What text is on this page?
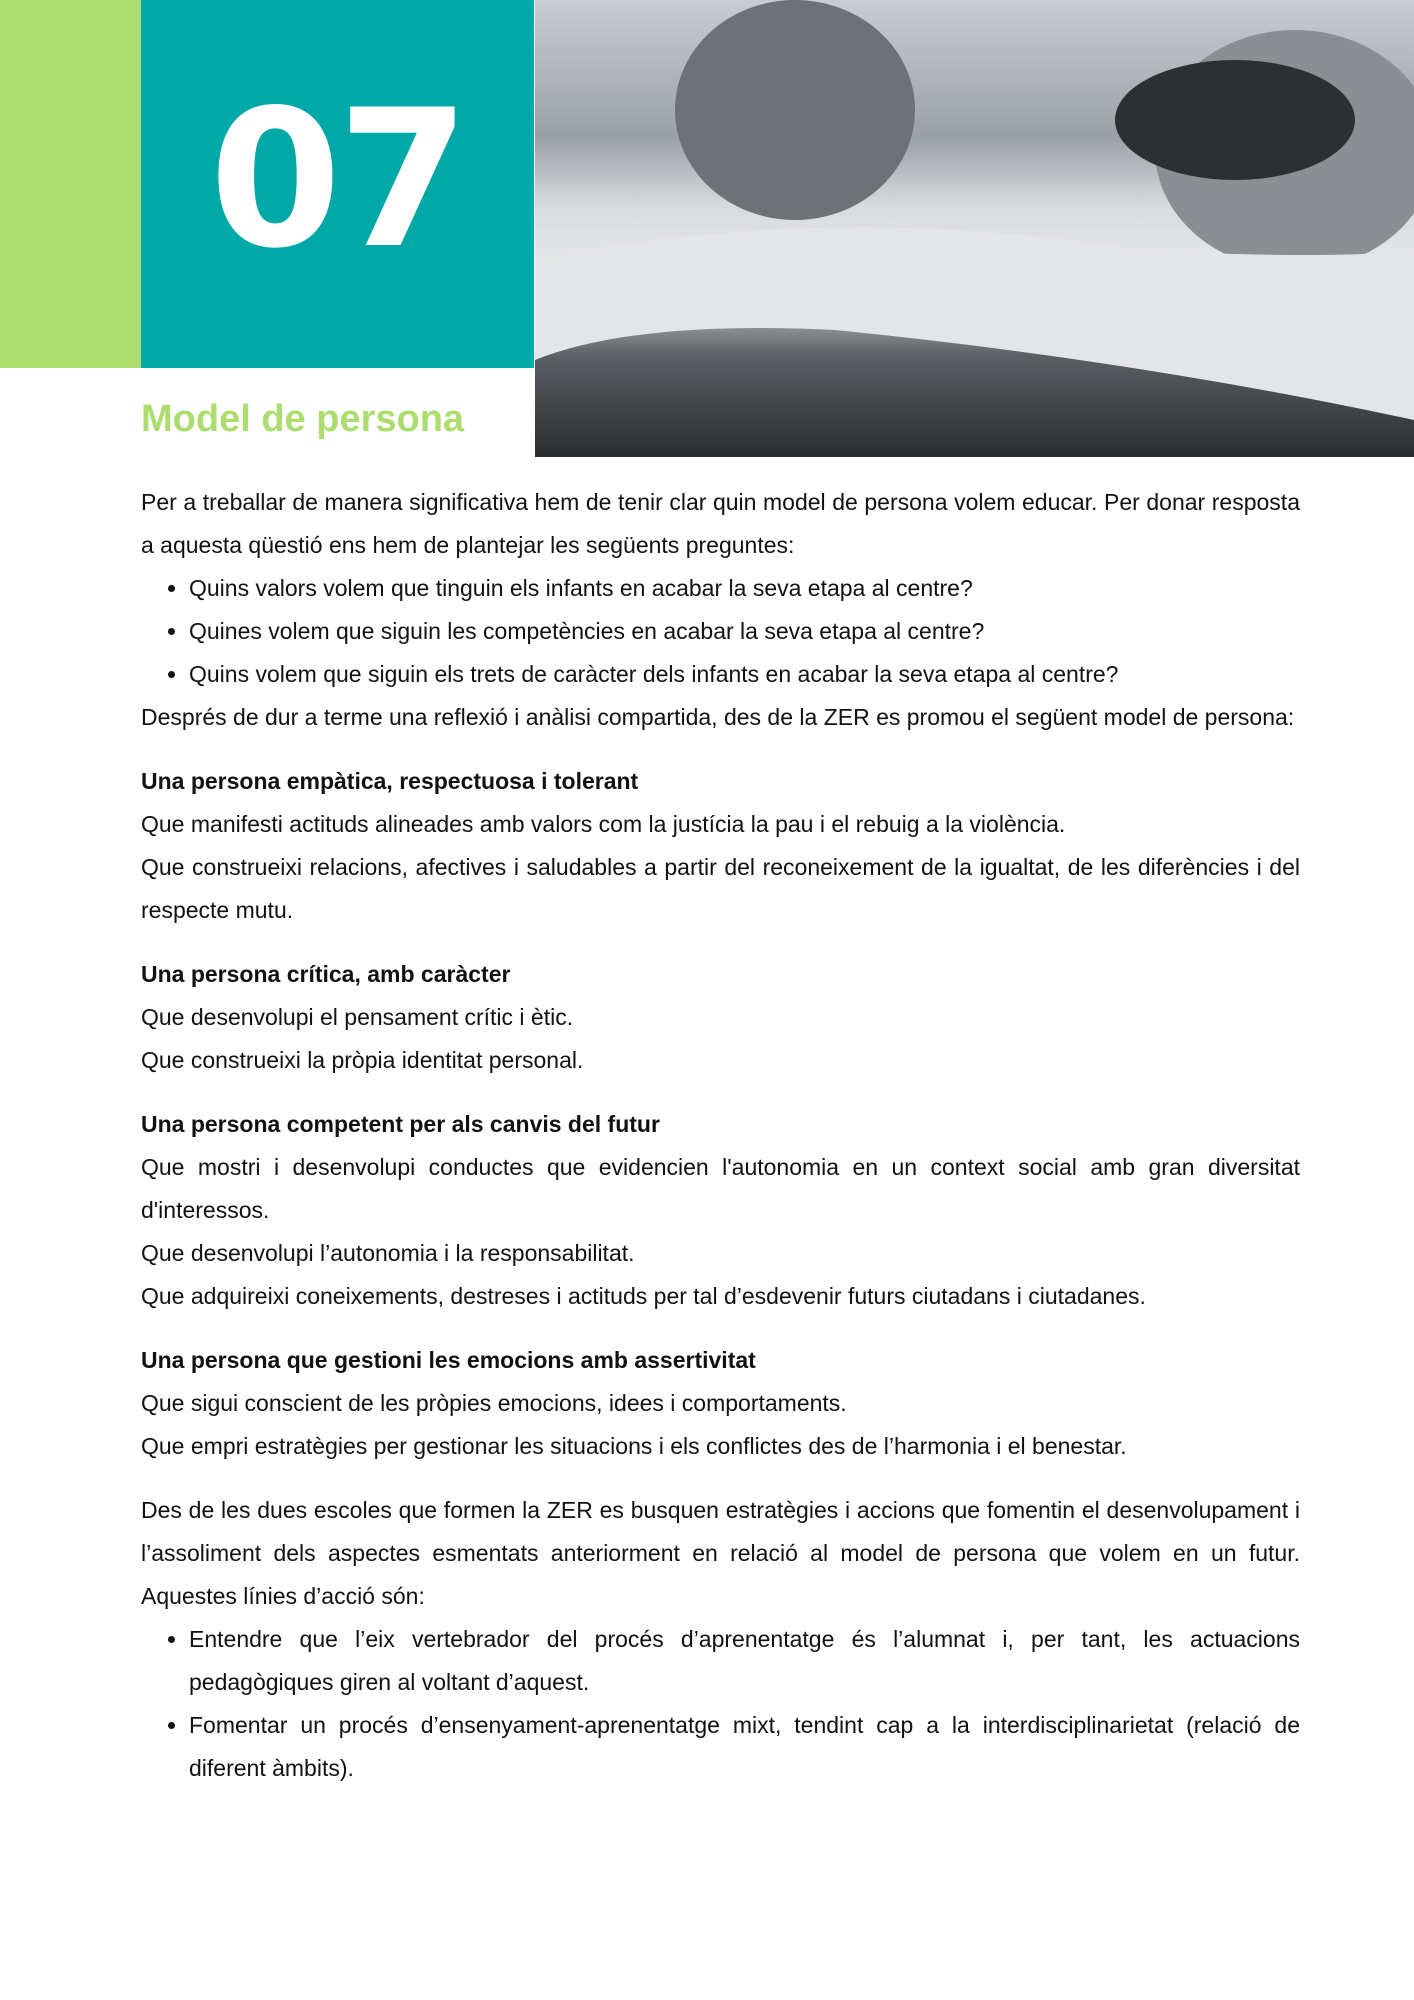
07
Model de persona

Per a treballar de manera significativa hem de tenir clar quin model de persona volem educar. Per donar resposta a aquesta qüestió ens hem de plantejar les següents preguntes:

• Quins valors volem que tinguin els infants en acabar la seva etapa al centre?
• Quines volem que siguin les competències en acabar la seva etapa al centre?
• Quins volem que siguin els trets de caràcter dels infants en acabar la seva etapa al centre?

Després de dur a terme una reflexió i anàlisi compartida, des de la ZER es promou el següent model de persona:

Una persona empàtica, respectuosa i tolerant

Que manifesti actituds alineades amb valors com la justícia la pau i el rebuig a la violència.

Que construeixi relacions, afectives i saludables a partir del reconeixement de la igualtat, de les diferències i del respecte mutu.

Una persona crítica, amb caràcter

Que desenvolupi el pensament crític i ètic.

Que construeixi la pròpia identitat personal.

Una persona competent per als canvis del futur

Que mostri i desenvolupi conductes que evidencien l'autonomia en un context social amb gran diversitat d'interessos.

Que desenvolupi l’autonomia i la responsabilitat.

Que adquireixi coneixements, destreses i actituds per tal d’esdevenir futurs ciutadans i ciutadanes.

Una persona que gestioni les emocions amb assertivitat

Que sigui conscient de les pròpies emocions, idees i comportaments.

Que empri estratègies per gestionar les situacions i els conflictes des de l’harmonia i el benestar.

Des de les dues escoles que formen la ZER es busquen estratègies i accions que fomentin el desenvolupament i l’assoliment dels aspectes esmentats anteriorment en relació al model de persona que volem en un futur. Aquestes línies d’acció són:

• Entendre que l’eix vertebrador del procés d’aprenentatge és l’alumnat i, per tant, les actuacions pedagògiques giren al voltant d’aquest.
• Fomentar un procés d’ensenyament-aprenentatge mixt, tendint cap a la interdisciplinarietat (relació de diferent àmbits).
